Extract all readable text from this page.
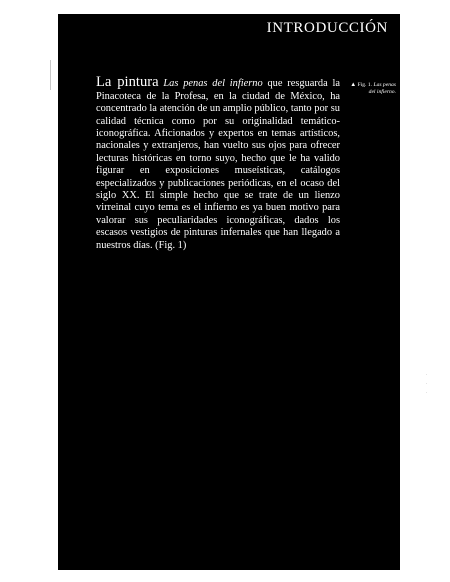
INTRODUCCIÓN

La pintura Las penas del infierno que resguarda la Pinacoteca de la Profesa, en la ciudad de México, ha concentrado la atención de un amplio público, tanto por su calidad técnica como por su originalidad temático-iconográfica. Aficionados y expertos en temas artísticos, nacionales y extranjeros, han vuelto sus ojos para ofrecer lecturas históricas en torno suyo, hecho que le ha valido figurar en exposiciones museísticas, catálogos especializados y publicaciones periódicas, en el ocaso del siglo XX. El simple hecho que se trate de un lienzo virreinal cuyo tema es el infierno es ya buen motivo para valorar sus peculiaridades iconográficas, dados los escasos vestigios de pinturas infernales que han llegado a nuestros días. (Fig. 1)

▲ Fig. 1. Las penas del infierno.
·
·
·
